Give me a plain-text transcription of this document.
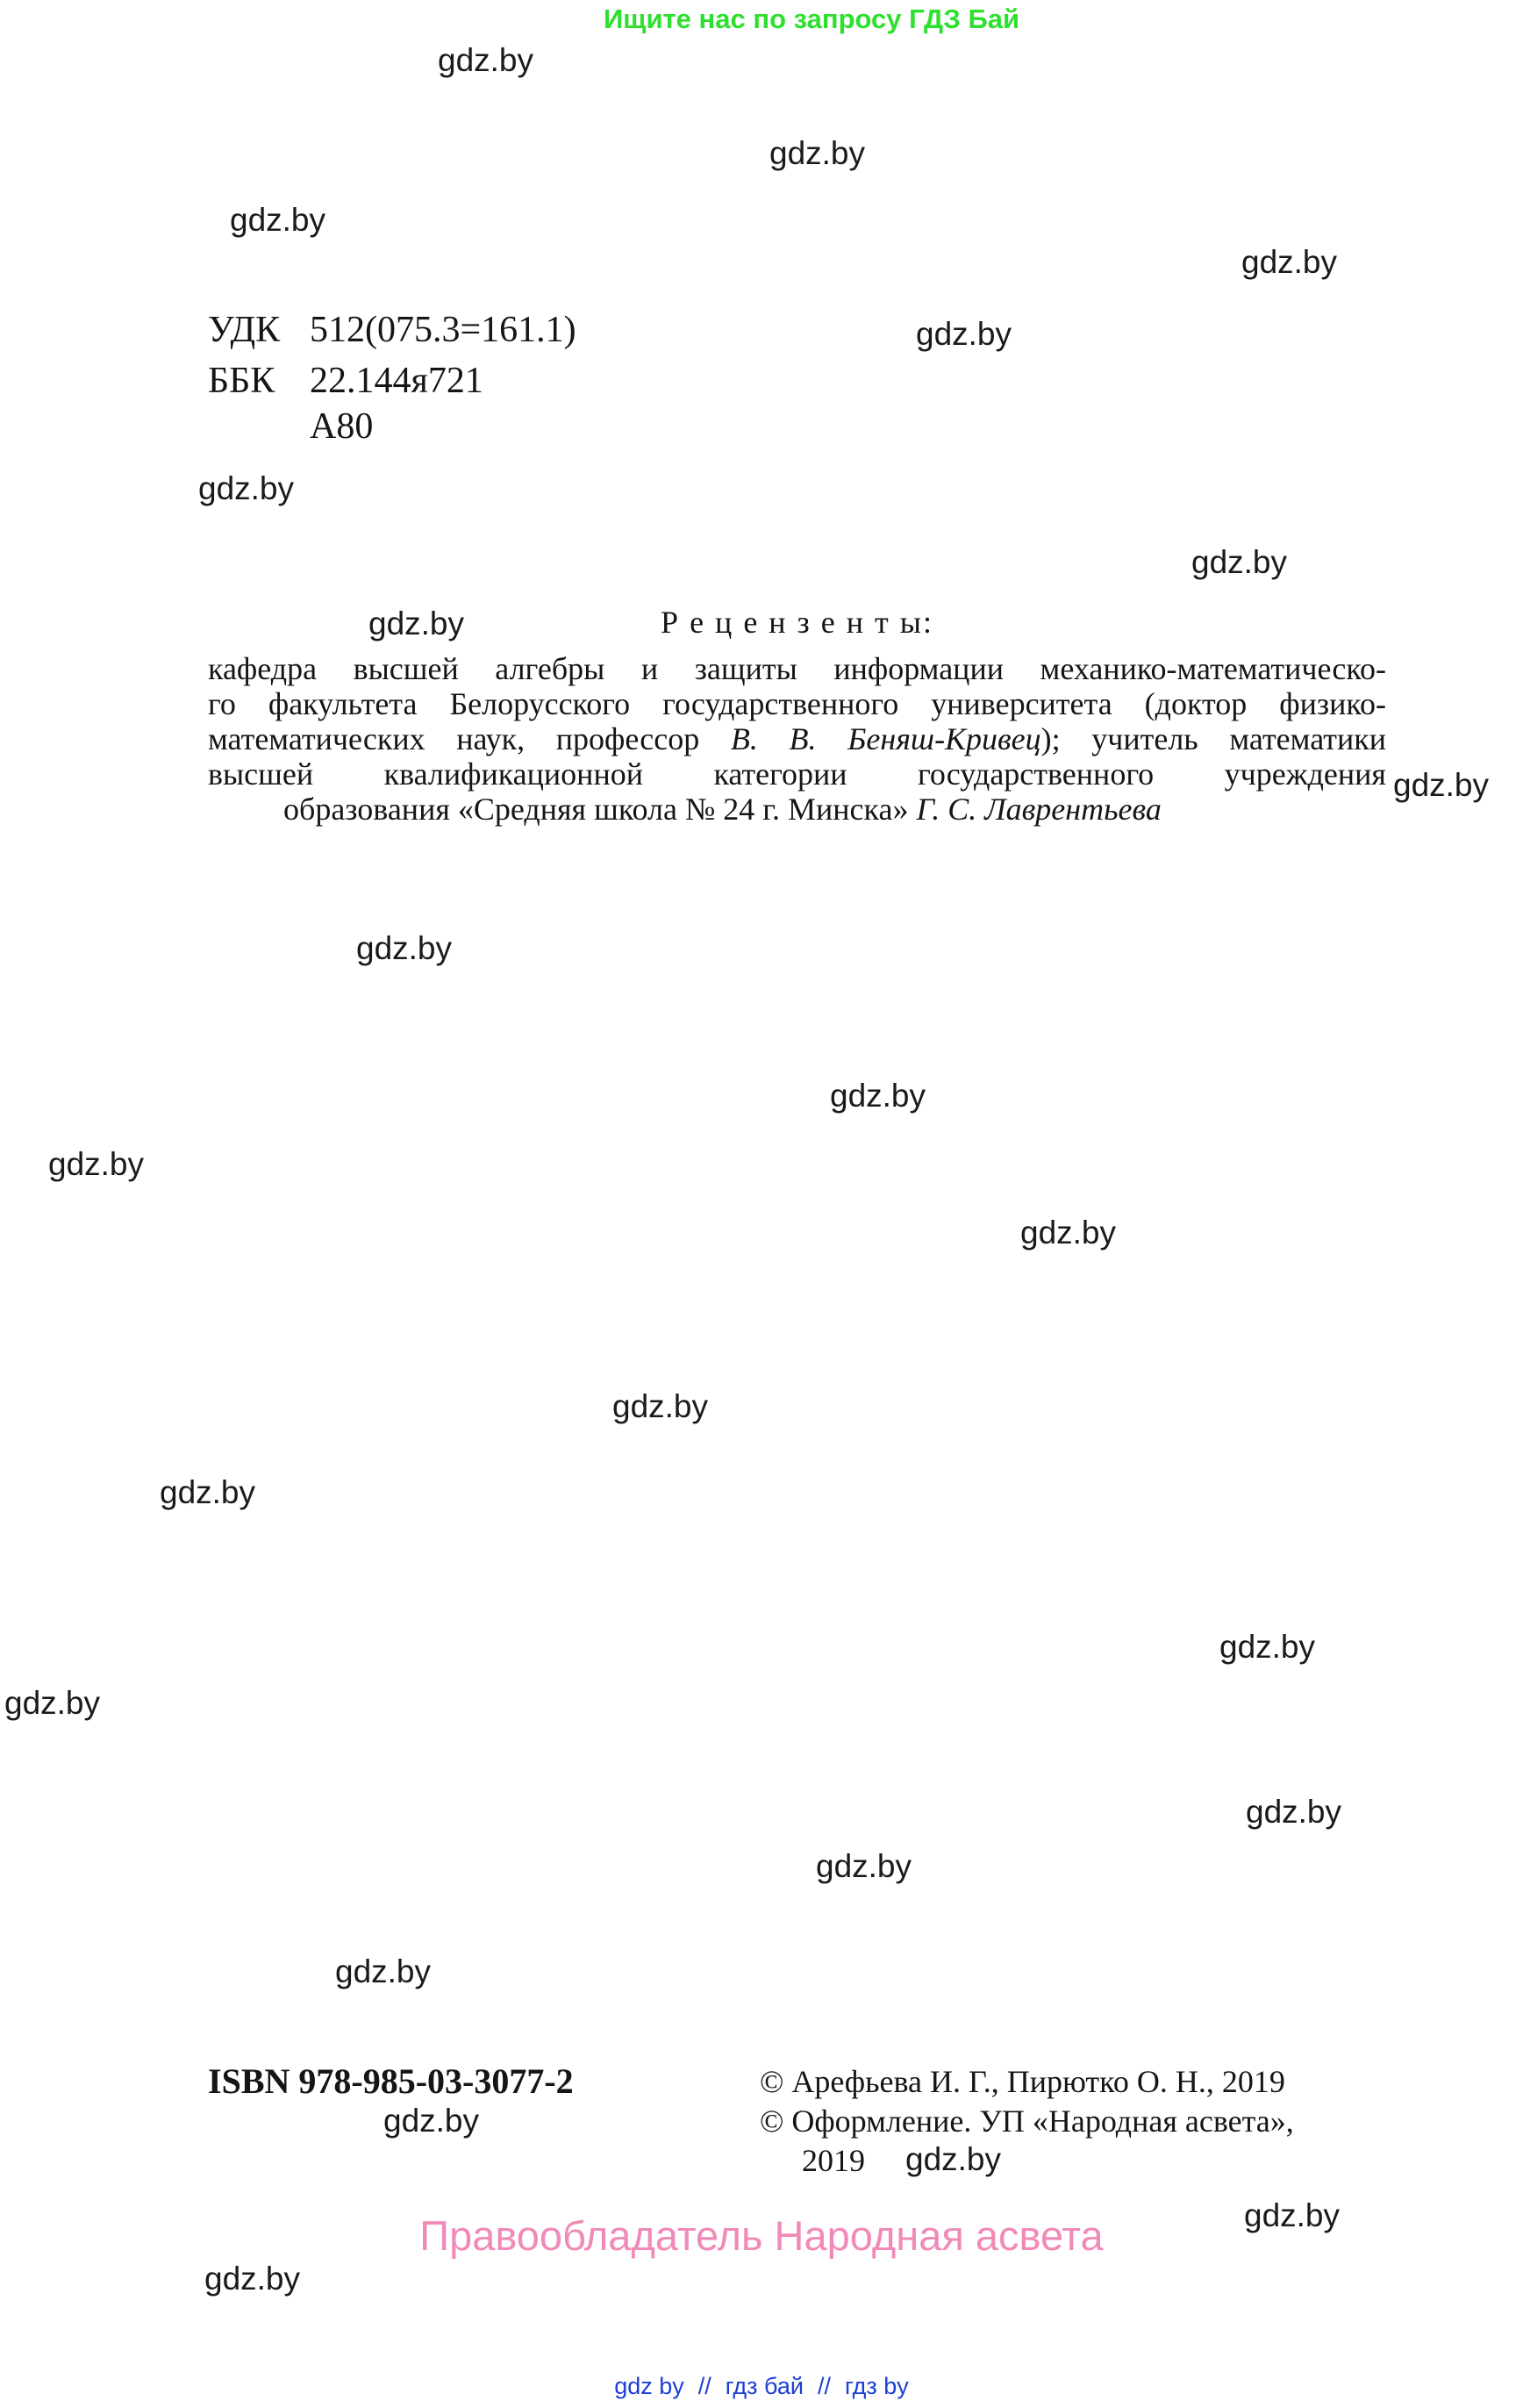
Ищите нас по запросу ГДЗ Бай
gdz.by
gdz.by
gdz.by
gdz.by
gdz.by
gdz.by
gdz.by
gdz.by
gdz.by
gdz.by
gdz.by
gdz.by
gdz.by
gdz.by
gdz.by
gdz.by
gdz.by
gdz.by
gdz.by
gdz.by
gdz.by
gdz.by
gdz.by
gdz.by
УДК 512(075.3=161.1)
ББК 22.144я721
А80
Р е ц е н з е н т ы:
кафедра высшей алгебры и защиты информации механико-математическо-
го факультета Белорусского государственного университета (доктор физико-
математических наук, профессор В. В. Беняш-Кривец); учитель математики
высшей квалификационной категории государственного учреждения
образования «Средняя школа № 24 г. Минска» Г. С. Лаврентьева
ISBN 978-985-03-3077-2	© Арефьева И. Г., Пирютко О. Н., 2019
© Оформление. УП «Народная асвета»,
2019
Правообладатель Народная асвета
gdz by // гдз бай // гдз by
